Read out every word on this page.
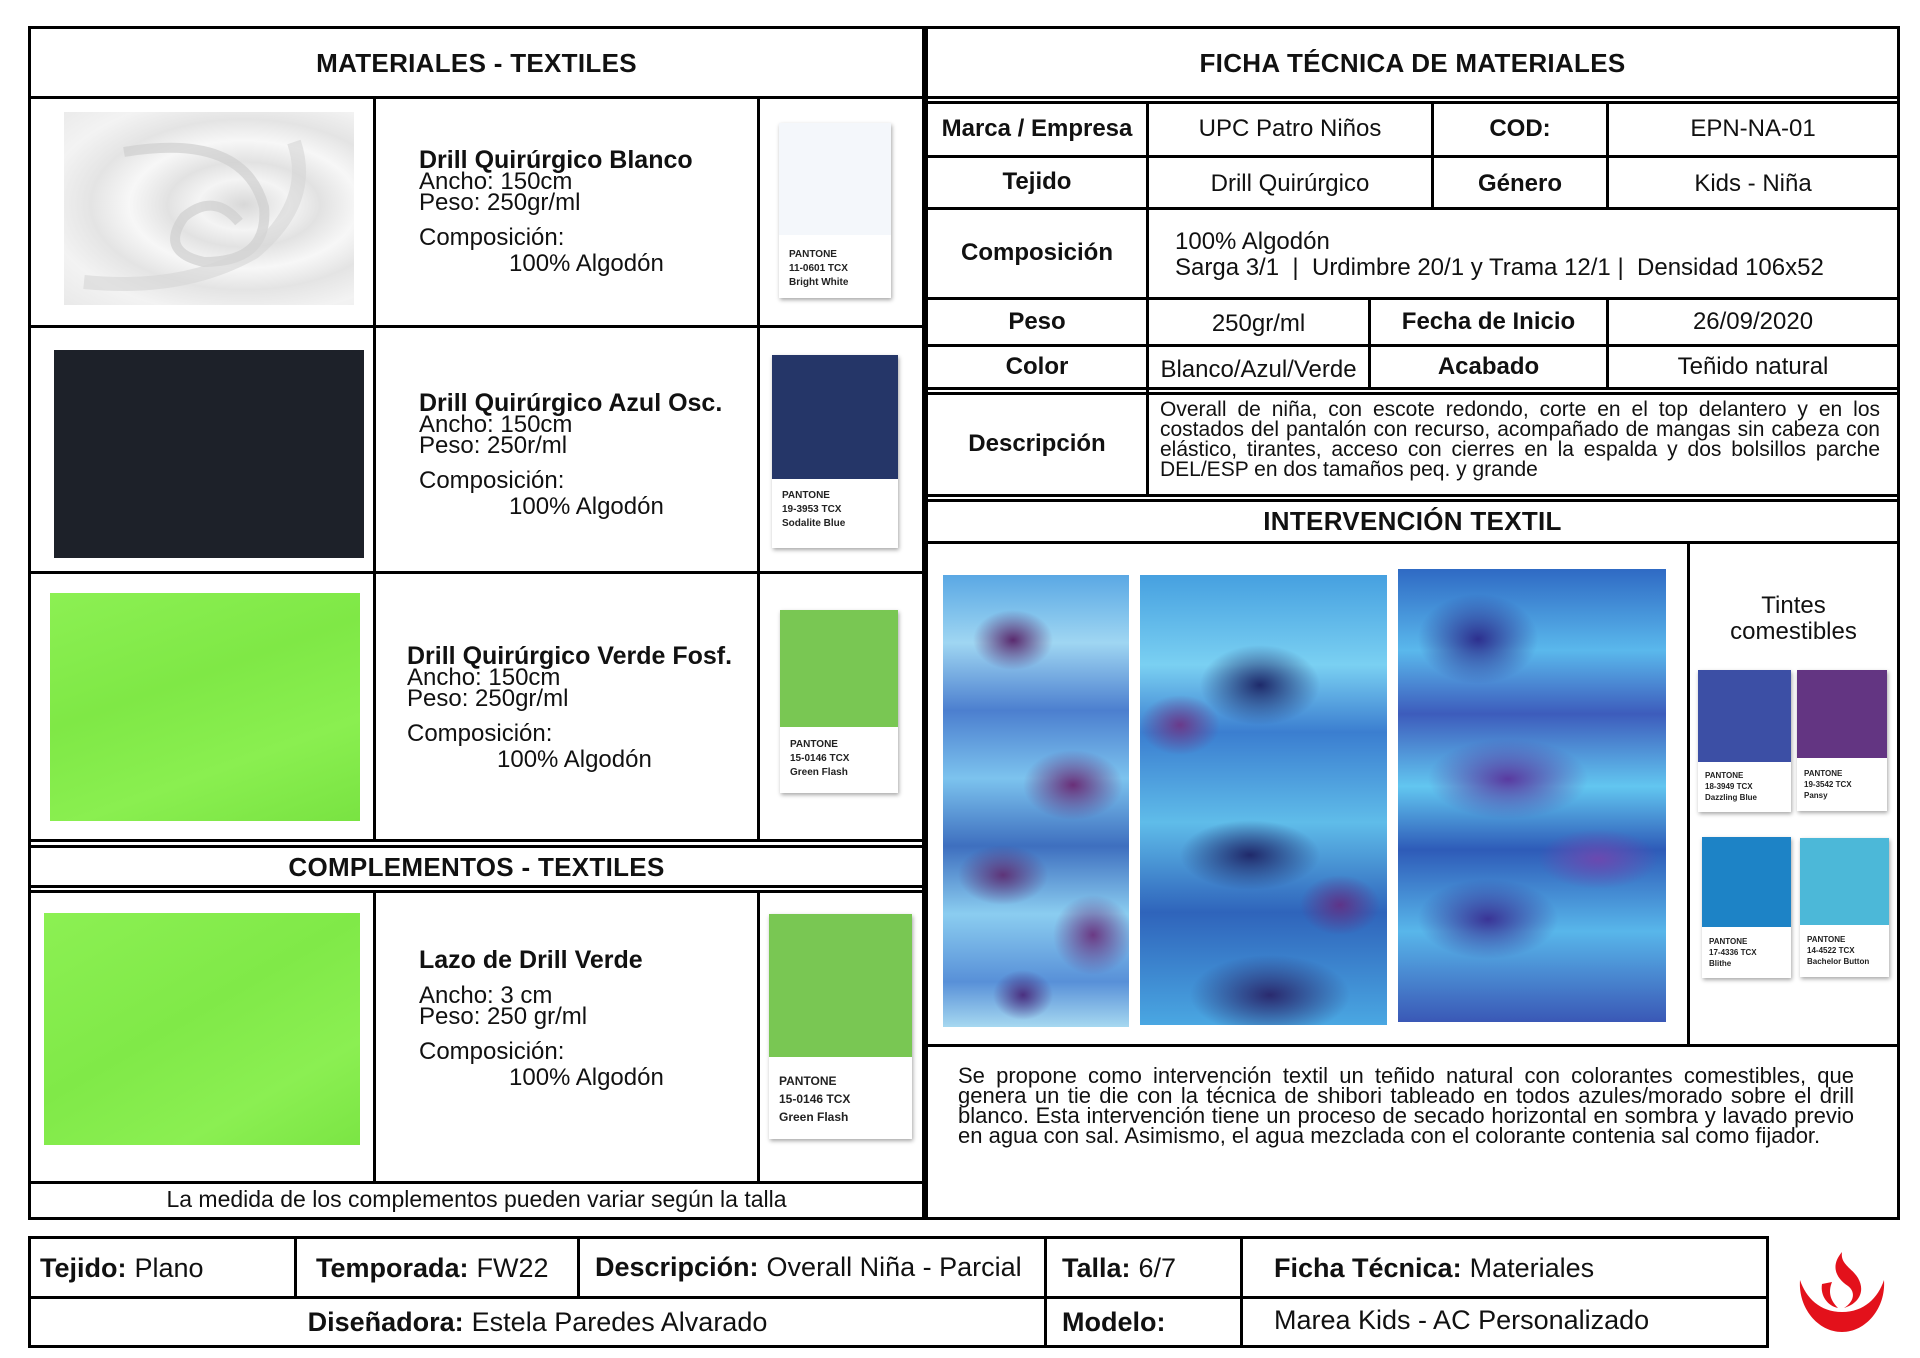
MATERIALES - TEXTILES
COMPLEMENTOS - TEXTILES
La medida de los complementos pueden variar según la talla
Drill Quirúrgico Blanco
Ancho: 150cm
Peso: 250gr/ml
Composición:
100% Algodón	PANTONE
11-0601 TCX
Bright White
Drill Quirúrgico Azul Osc.
Ancho: 150cm
Peso: 250r/ml
Composición:
100% Algodón	PANTONE
19-3953 TCX
Sodalite Blue
Drill Quirúrgico Verde Fosf.
Ancho: 150cm
Peso: 250gr/ml
Composición:
100% Algodón
PANTONE
15-0146 TCX
Green Flash
Lazo de Drill Verde
Ancho: 3 cm
Peso: 250 gr/ml
Composición:
100% Algodón	PANTONE
15-0146 TCX
Green Flash
FICHA TÉCNICA DE MATERIALES
Marca / Empresa	UPC Patro Niños	COD:	EPN-NA-01
Tejido	Drill Quirúrgico	Género	Kids - Niña
Composición	100% Algodón
Sarga 3/1  |  Urdimbre 20/1 y Trama 12/1 |  Densidad 106x52
Peso	250gr/ml	Fecha de Inicio	26/09/2020
Color	Blanco/Azul/Verde	Acabado	Teñido natural
Descripción
Overall de niña, con escote redondo, corte en el top delantero y en los costados del pantalón con recurso, acompañado de mangas sin cabeza con elástico, tirantes, acceso con cierres en la espalda y dos bolsillos parche DEL/ESP en dos tamaños peq. y grande
INTERVENCIÓN TEXTIL
Tintes
comestibles
PANTONE
18-3949 TCX
Dazzling Blue
PANTONE
19-3542 TCX
Pansy
PANTONE
17-4336 TCX
Blithe
PANTONE
14-4522 TCX
Bachelor Button
Se propone como intervención textil un teñido natural con colorantes comestibles, que genera un tie die con la técnica de shibori tableado en todos azules/morado sobre el drill blanco. Esta intervención tiene un proceso de secado horizontal en sombra y lavado previo en agua con sal. Asimismo, el agua mezclada con el colorante contenia sal como fijador.
Tejido: Plano	Temporada: FW22 Descripción: Overall Niña - Parcial Talla: 6/7	Ficha Técnica: Materiales
Diseñadora: Estela Paredes Alvarado	Modelo:	Marea Kids - AC Personalizado
